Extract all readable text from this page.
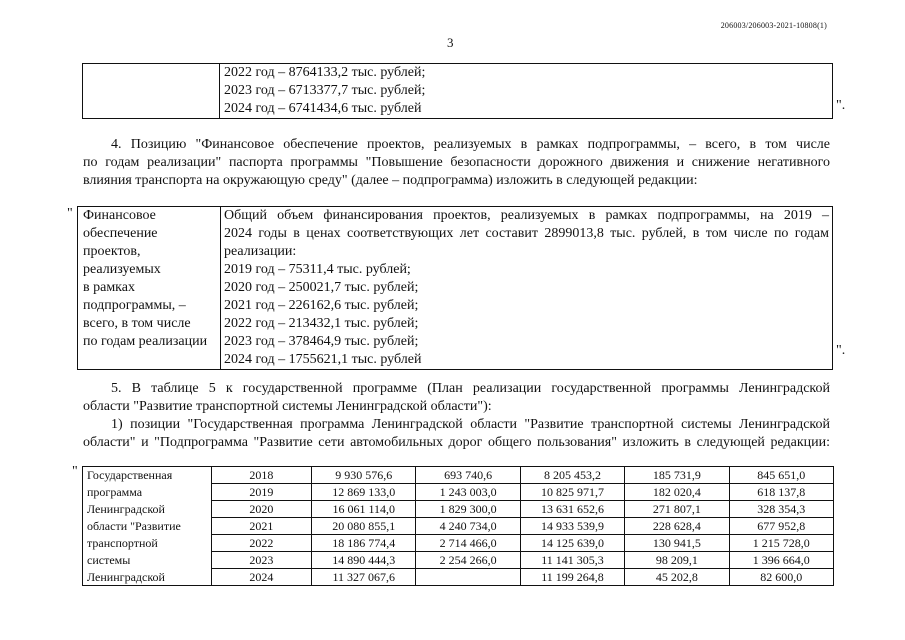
206003/206003-2021-10808(1)
3

2022 год – 8764133,2 тыс. рублей;
2023 год – 6713377,7 тыс. рублей;
2024 год – 6741434,6 тыс. рублей	".
4. Позицию "Финансовое обеспечение проектов, реализуемых в рамках подпрограммы, – всего, в том числе
по годам реализации" паспорта программы "Повышение безопасности дорожного движения и снижение негативного
влияния транспорта на окружающую среду" (далее – подпрограмма) изложить в следующей редакции:
" Финансовое
обеспечение
проектов,
реализуемых
в рамках
подпрограммы, –
всего, в том числе
по годам реализации

Общий объем финансирования проектов, реализуемых в рамках подпрограммы, на 2019 –
2024 годы в ценах соответствующих лет составит 2899013,8 тыс. рублей, в том числе по годам
реализации:
2019 год – 75311,4 тыс. рублей;
2020 год – 250021,7 тыс. рублей;
2021 год – 226162,6 тыс. рублей;
2022 год – 213432,1 тыс. рублей;
2023 год – 378464,9 тыс. рублей;
2024 год – 1755621,1 тыс. рублей
".
5. В таблице 5 к государственной программе (План реализации государственной программы Ленинградской
области "Развитие транспортной системы Ленинградской области"):
1) позиции "Государственная программа Ленинградской области "Развитие транспортной системы Ленинградской
области" и "Подпрограмма "Развитие сети автомобильных дорог общего пользования" изложить в следующей редакции:
" Государственная	2018	9 930 576,6	693 740,6	8 205 453,2	185 731,9	845 651,0
программа	2019	12 869 133,0	1 243 003,0	10 825 971,7	182 020,4	618 137,8
Ленинградской	2020	16 061 114,0	1 829 300,0	13 631 652,6	271 807,1	328 354,3
области "Развитие	2021	20 080 855,1	4 240 734,0	14 933 539,9	228 628,4	677 952,8
транспортной	2022	18 186 774,4	2 714 466,0	14 125 639,0	130 941,5	1 215 728,0
системы	2023	14 890 444,3	2 254 266,0	11 141 305,3	98 209,1	1 396 664,0
Ленинградской	2024	11 327 067,6		11 199 264,8	45 202,8	82 600,0
